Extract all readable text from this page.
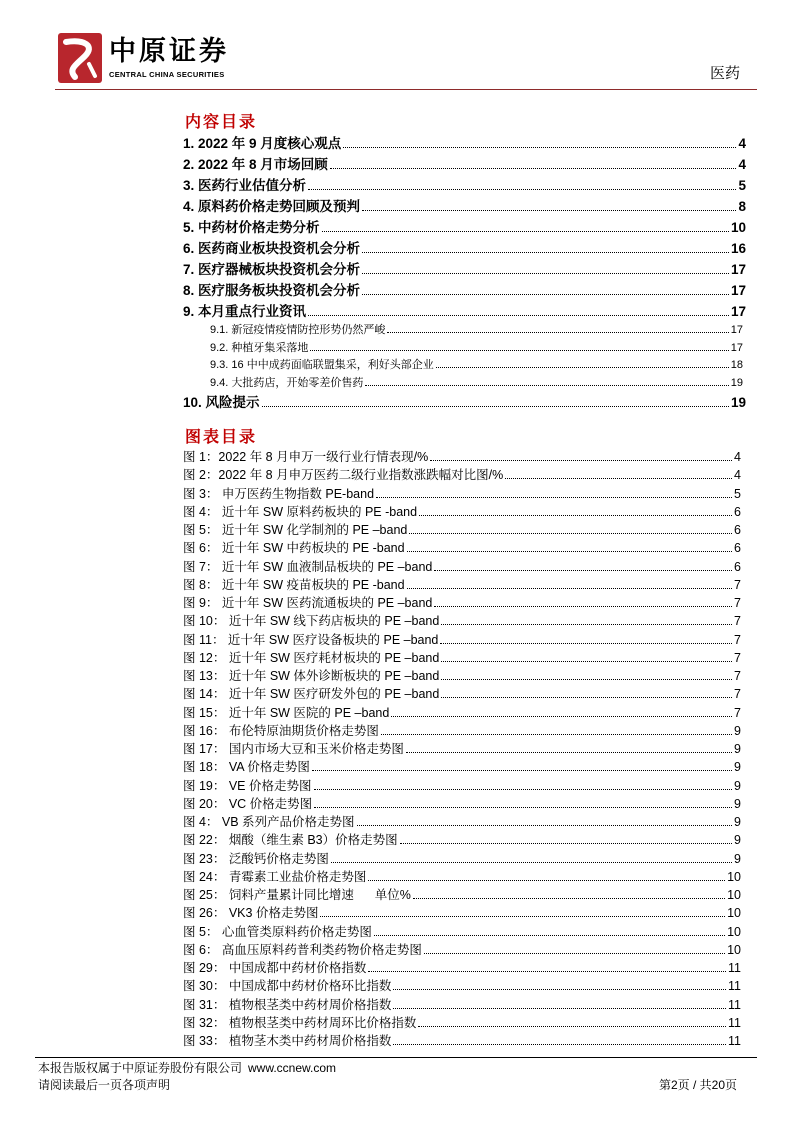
中原证券
CENTRAL CHINA SECURITIES	医药
内容目录
1. 2022 年 9 月度核心观点	4
2. 2022 年 8 月市场回顾	4
3. 医药行业估值分析	5
4. 原料药价格走势回顾及预判	8
5. 中药材价格走势分析	10
6. 医药商业板块投资机会分析	16
7. 医疗器械板块投资机会分析	17
8. 医疗服务板块投资机会分析	17
9. 本月重点行业资讯	17
9.1. 新冠疫情疫情防控形势仍然严峻	17
9.2. 种植牙集采落地	17
9.3. 16 中中成药面临联盟集采，利好头部企业	18
9.4. 大批药店，开始零差价售药	19
10. 风险提示	19
图表目录
图 1：2022 年 8 月申万一级行业行情表现/%	4
图 2：2022 年 8 月申万医药二级行业指数涨跌幅对比图/%	4
图 3： 申万医药生物指数 PE-band	5
图 4： 近十年 SW 原料药板块的 PE -band	6
图 5： 近十年 SW 化学制剂的 PE –band	6
图 6： 近十年 SW 中药板块的 PE -band	6
图 7： 近十年 SW 血液制品板块的 PE –band	6
图 8： 近十年 SW 疫苗板块的 PE -band	7
图 9： 近十年 SW 医药流通板块的 PE –band	7
图 10： 近十年 SW 线下药店板块的 PE –band	7
图 11： 近十年 SW 医疗设备板块的 PE –band	7
图 12： 近十年 SW 医疗耗材板块的 PE –band	7
图 13： 近十年 SW 体外诊断板块的 PE –band	7
图 14： 近十年 SW 医疗研发外包的 PE –band	7
图 15： 近十年 SW 医院的 PE –band	7
图 16： 布伦特原油期货价格走势图	9
图 17： 国内市场大豆和玉米价格走势图	9
图 18： VA 价格走势图	9
图 19： VE 价格走势图	9
图 20： VC 价格走势图	9
图 4： VB 系列产品价格走势图	9
图 22： 烟酸（维生素 B3）价格走势图	9
图 23： 泛酸钙价格走势图	9
图 24： 青霉素工业盐价格走势图	10
图 25： 饲料产量累计同比增速      单位%	10
图 26： VK3 价格走势图	10
图 5： 心血管类原料药价格走势图	10
图 6： 高血压原料药普利类药物价格走势图	10
图 29： 中国成都中药材价格指数	11
图 30： 中国成都中药材价格环比指数	11
图 31： 植物根茎类中药材周价格指数	11
图 32： 植物根茎类中药材周环比价格指数	11
图 33： 植物茎木类中药材周价格指数	11
本报告版权属于中原证券股份有限公司 www.ccnew.com
请阅读最后一页各项声明	第2页 / 共20页
